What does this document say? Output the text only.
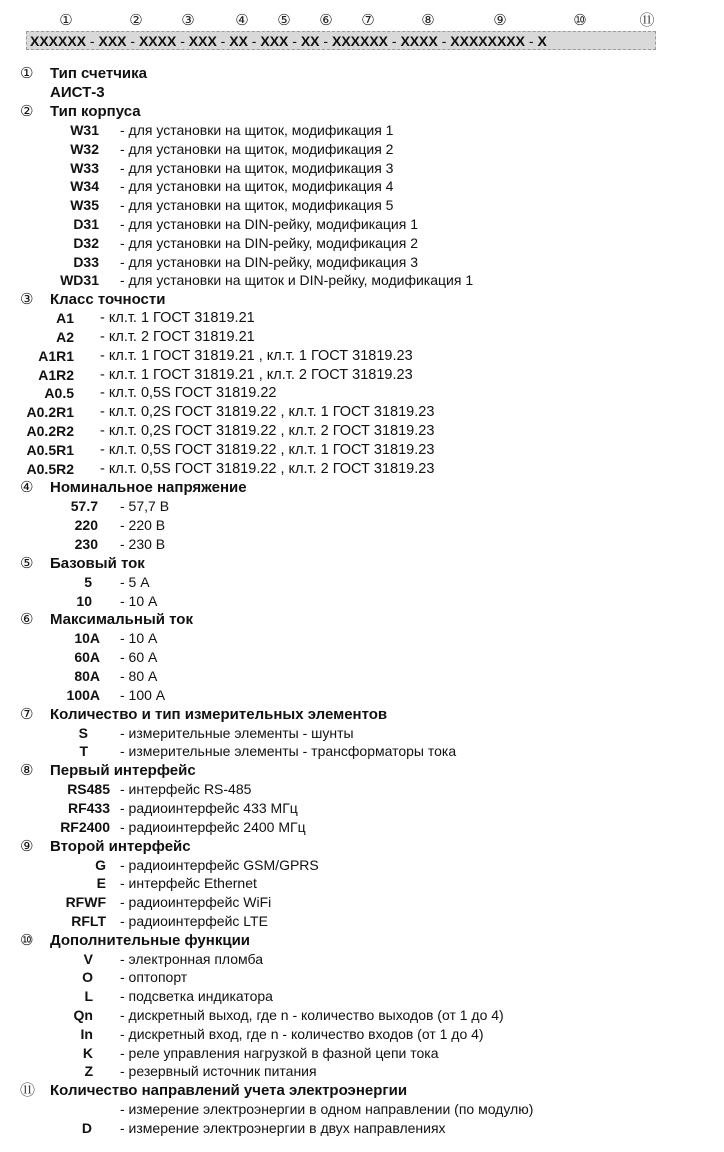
①	②	③	④ ⑤ ⑥ ⑦	⑧	⑨	⑩	⑪
XXXXXX - XXX - XXXX - XXX - XX - XXX - XX - XXXXXX - XXXX - XXXXXXXX - X
① Тип счетчика
АИСТ-3
② Тип корпуса
W31 - для установки на щиток, модификация 1
W32 - для установки на щиток, модификация 2
W33 - для установки на щиток, модификация 3
W34 - для установки на щиток, модификация 4
W35 - для установки на щиток, модификация 5
D31 - для установки на DIN-рейку, модификация 1
D32 - для установки на DIN-рейку, модификация 2
D33 - для установки на DIN-рейку, модификация 3
WD31 - для установки на щиток и DIN-рейку, модификация 1
③ Класс точности
A1 - кл.т. 1 ГОСТ 31819.21
A2 - кл.т. 2 ГОСТ 31819.21
A1R1 - кл.т. 1 ГОСТ 31819.21 , кл.т. 1 ГОСТ 31819.23
A1R2 - кл.т. 1 ГОСТ 31819.21 , кл.т. 2 ГОСТ 31819.23
A0.5 - кл.т. 0,5S ГОСТ 31819.22
A0.2R1 - кл.т. 0,2S ГОСТ 31819.22 , кл.т. 1 ГОСТ 31819.23
A0.2R2 - кл.т. 0,2S ГОСТ 31819.22 , кл.т. 2 ГОСТ 31819.23
A0.5R1 - кл.т. 0,5S ГОСТ 31819.22 , кл.т. 1 ГОСТ 31819.23
A0.5R2 - кл.т. 0,5S ГОСТ 31819.22 , кл.т. 2 ГОСТ 31819.23
④ Номинальное напряжение
57.7 - 57,7 В
220 - 220 В
230 - 230 В
⑤ Базовый ток
5 - 5 А
10 - 10 А
⑥ Максимальный ток
10A - 10 А
60A - 60 А
80A - 80 А
100A - 100 А
⑦ Количество и тип измерительных элементов
S - измерительные элементы - шунты
T - измерительные элементы - трансформаторы тока
⑧ Первый интерфейс
RS485 - интерфейс RS-485
RF433 - радиоинтерфейс 433 МГц
RF2400 - радиоинтерфейс 2400 МГц
⑨ Второй интерфейс
G - радиоинтерфейс GSM/GPRS
E - интерфейс Ethernet
RFWF - радиоинтерфейс WiFi
RFLT - радиоинтерфейс LTE
⑩ Дополнительные функции
V - электронная пломба
O - оптопорт
L - подсветка индикатора
Qn - дискретный выход, где n - количество выходов (от 1 до 4)
In - дискретный вход, где n - количество входов (от 1 до 4)
K - реле управления нагрузкой в фазной цепи тока
Z - резервный источник питания
⑪ Количество направлений учета электроэнергии
- измерение электроэнергии в одном направлении (по модулю)
D - измерение электроэнергии в двух направлениях
